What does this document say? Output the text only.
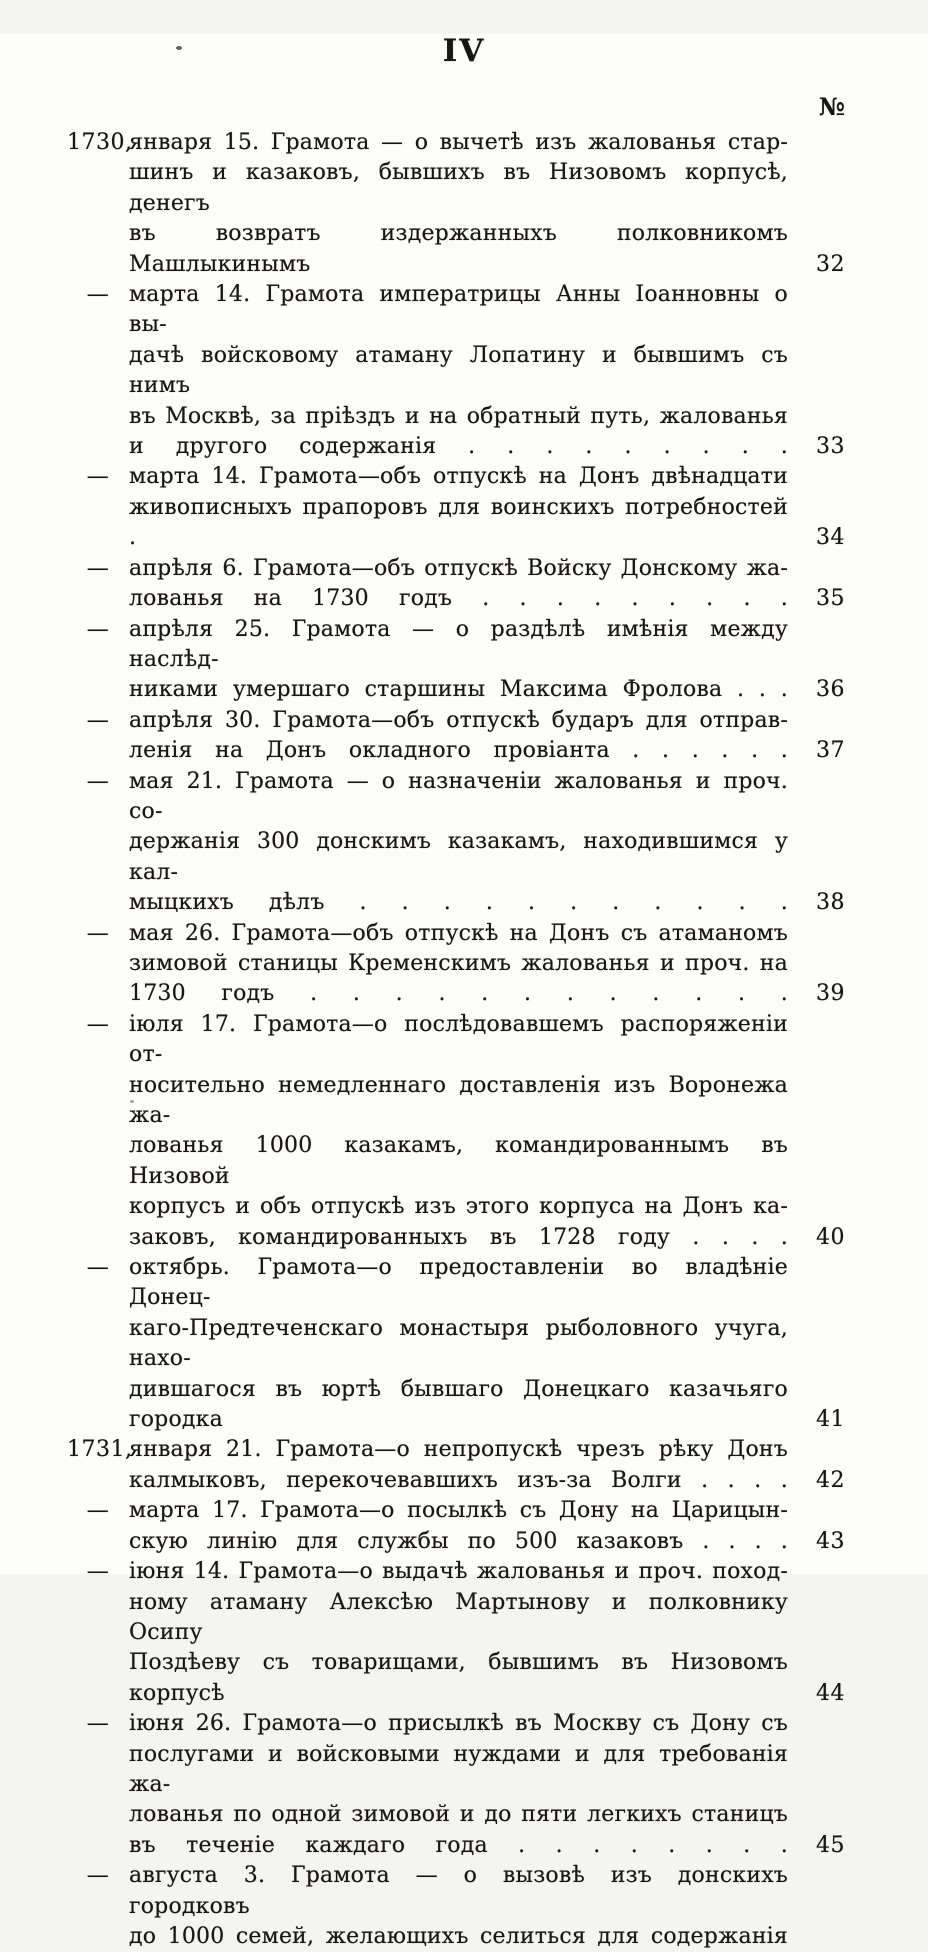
IV
№
1730,
января 15. Грамота — о вычетѣ изъ жалованья стар-
шинъ и казаковъ, бывшихъ въ Низовомъ корпусѣ, денегъ
въ возвратъ издержанныхъ полковникомъ Машлыкинымъ	32
— марта 14. Грамота императрицы Анны Іоанновны о вы-
дачѣ войсковому атаману Лопатину и бывшимъ съ нимъ
въ Москвѣ, за пріѣздъ и на обратный путь, жалованья
и другого содержанія . . . . . . . . .	33
— марта 14. Грамота—объ отпускѣ на Донъ двѣнадцати
живописныхъ прапоровъ для воинскихъ потребностей .	34
— апрѣля 6. Грамота—объ отпускѣ Войску Донскому жа-
лованья на 1730 годъ . . . . . . . . .	35
— апрѣля 25. Грамота — о раздѣлѣ имѣнія между наслѣд-
никами умершаго старшины Максима Фролова . . .	36
— апрѣля 30. Грамота—объ отпускѣ бударъ для отправ-
ленія на Донъ окладного провіанта . . . . . .	37
— мая 21. Грамота — о назначеніи жалованья и проч. со-
держанія 300 донскимъ казакамъ, находившимся у кал-
мыцкихъ дѣлъ . . . . . . . . . . .	38
— мая 26. Грамота—объ отпускѣ на Донъ съ атаманомъ
зимовой станицы Кременскимъ жалованья и проч. на
1730 годъ . . . . . . . . . . . .	39
— іюля 17. Грамота—о послѣдовавшемъ распоряженіи от-
носительно немедленнаго доставленія изъ Воронежа жа-
лованья 1000 казакамъ, командированнымъ въ Низовой
корпусъ и объ отпускѣ изъ этого корпуса на Донъ ка-
заковъ, командированныхъ въ 1728 году . . . .	40
— октябрь. Грамота—о предоставленіи во владѣніе Донец-
каго-Предтеченскаго монастыря рыболовного учуга, нахо-
дившагося въ юртѣ бывшаго Донецкаго казачьяго городка	41
1731,
января 21. Грамота—о непропускѣ чрезъ рѣку Донъ
калмыковъ, перекочевавшихъ изъ-за Волги . . . .	42
— марта 17. Грамота—о посылкѣ съ Дону на Царицын-
скую линію для службы по 500 казаковъ . . . .	43
— іюня 14. Грамота—о выдачѣ жалованья и проч. поход-
ному атаману Алексѣю Мартынову и полковнику Осипу
Поздѣеву съ товарищами, бывшимъ въ Низовомъ корпусѣ	44
— іюня 26. Грамота—о присылкѣ въ Москву съ Дону съ
послугами и войсковыми нуждами и для требованія жа-
лованья по одной зимовой и до пяти легкихъ станицъ
въ теченіе каждаго года . . . . . . . .	45
— августа 3. Грамота — о вызовѣ изъ донскихъ городковъ
до 1000 семей, желающихъ селиться для содержанія
